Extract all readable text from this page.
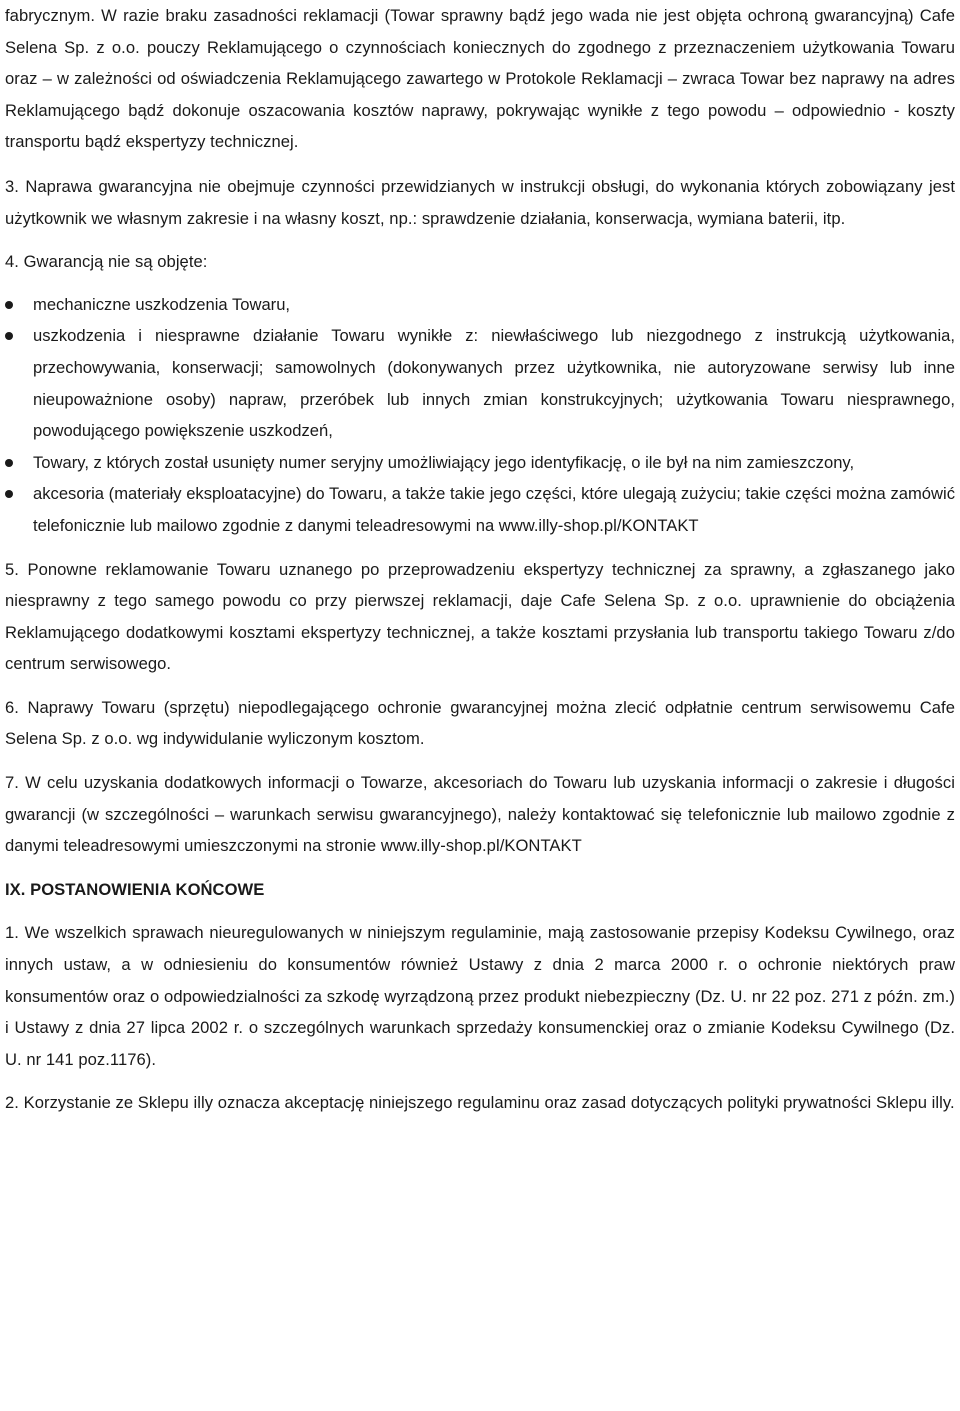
fabrycznym. W razie braku zasadności reklamacji (Towar sprawny bądź jego wada nie jest objęta ochroną gwarancyjną) Cafe Selena Sp. z o.o. pouczy Reklamującego o czynnościach koniecznych do zgodnego z przeznaczeniem użytkowania Towaru oraz – w zależności od oświadczenia Reklamującego zawartego w Protokole Reklamacji – zwraca Towar bez naprawy na adres Reklamującego bądź dokonuje oszacowania kosztów naprawy, pokrywając wynikłe z tego powodu – odpowiednio - koszty transportu bądź ekspertyzy technicznej.

3. Naprawa gwarancyjna nie obejmuje czynności przewidzianych w instrukcji obsługi, do wykonania których zobowiązany jest użytkownik we własnym zakresie i na własny koszt, np.: sprawdzenie działania, konserwacja, wymiana baterii, itp.

4. Gwarancją nie są objęte:

mechaniczne uszkodzenia Towaru,
uszkodzenia i niesprawne działanie Towaru wynikłe z: niewłaściwego lub niezgodnego z instrukcją użytkowania, przechowywania, konserwacji; samowolnych (dokonywanych przez użytkownika, nie autoryzowane serwisy lub inne nieupoważnione osoby) napraw, przeróbek lub innych zmian konstrukcyjnych; użytkowania Towaru niesprawnego, powodującego powiększenie uszkodzeń,
Towary, z których został usunięty numer seryjny umożliwiający jego identyfikację, o ile był na nim zamieszczony,
akcesoria (materiały eksploatacyjne) do Towaru, a także takie jego części, które ulegają zużyciu; takie części można zamówić telefonicznie lub mailowo zgodnie z danymi teleadresowymi na www.illy-shop.pl/KONTAKT

5. Ponowne reklamowanie Towaru uznanego po przeprowadzeniu ekspertyzy technicznej za sprawny, a zgłaszanego jako niesprawny z tego samego powodu co przy pierwszej reklamacji, daje Cafe Selena Sp. z o.o. uprawnienie do obciążenia Reklamującego dodatkowymi kosztami ekspertyzy technicznej, a także kosztami przysłania lub transportu takiego Towaru z/do centrum serwisowego.

6. Naprawy Towaru (sprzętu) niepodlegającego ochronie gwarancyjnej można zlecić odpłatnie centrum serwisowemu Cafe Selena Sp. z o.o. wg indywidulanie wyliczonym kosztom.

7. W celu uzyskania dodatkowych informacji o Towarze, akcesoriach do Towaru lub uzyskania informacji o zakresie i długości gwarancji (w szczególności – warunkach serwisu gwarancyjnego), należy kontaktować się telefonicznie lub mailowo zgodnie z danymi teleadresowymi umieszczonymi na stronie www.illy-shop.pl/KONTAKT

IX. POSTANOWIENIA KOŃCOWE

1. We wszelkich sprawach nieuregulowanych w niniejszym regulaminie, mają zastosowanie przepisy Kodeksu Cywilnego, oraz innych ustaw, a w odniesieniu do konsumentów również Ustawy z dnia 2 marca 2000 r. o ochronie niektórych praw konsumentów oraz o odpowiedzialności za szkodę wyrządzoną przez produkt niebezpieczny (Dz. U. nr 22 poz. 271 z późn. zm.) i Ustawy z dnia 27 lipca 2002 r. o szczególnych warunkach sprzedaży konsumenckiej oraz o zmianie Kodeksu Cywilnego (Dz. U. nr 141 poz.1176).

2. Korzystanie ze Sklepu illy oznacza akceptację niniejszego regulaminu oraz zasad dotyczących polityki prywatności Sklepu illy.
